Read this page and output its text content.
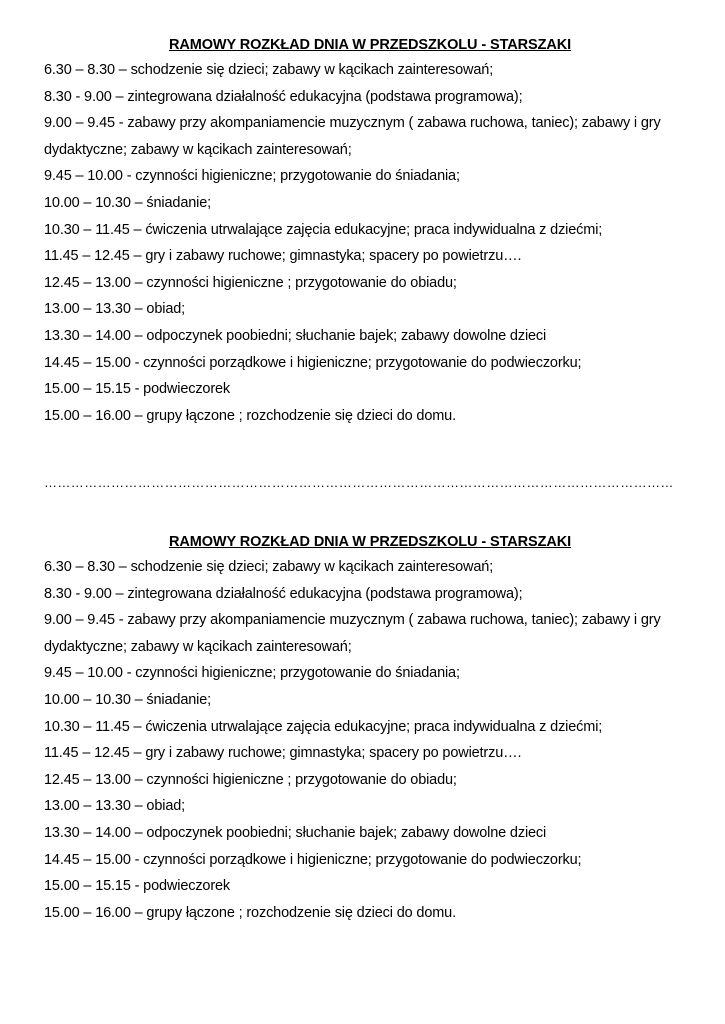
RAMOWY ROZKŁAD DNIA W PRZEDSZKOLU - STARSZAKI
6.30 – 8.30 – schodzenie się dzieci; zabawy w kącikach zainteresowań;
8.30 - 9.00 – zintegrowana działalność edukacyjna (podstawa programowa);
9.00 – 9.45 - zabawy przy akompaniamencie muzycznym ( zabawa ruchowa, taniec); zabawy i gry
dydaktyczne; zabawy w kącikach zainteresowań;
9.45 – 10.00 - czynności higieniczne; przygotowanie do śniadania;
10.00 – 10.30 – śniadanie;
10.30 – 11.45 – ćwiczenia utrwalające zajęcia edukacyjne; praca indywidualna z dziećmi;
11.45 – 12.45 – gry i zabawy ruchowe; gimnastyka; spacery po powietrzu….
12.45 – 13.00 – czynności higieniczne ; przygotowanie do obiadu;
13.00 – 13.30 – obiad;
13.30 – 14.00 – odpoczynek poobiedni; słuchanie bajek; zabawy dowolne dzieci
14.45 – 15.00 - czynności porządkowe i higieniczne; przygotowanie do podwieczorku;
15.00 – 15.15 - podwieczorek
15.00 – 16.00 – grupy łączone ; rozchodzenie się dzieci do domu.
……………………………………………………………………………………………………………………………
RAMOWY ROZKŁAD DNIA W PRZEDSZKOLU - STARSZAKI
6.30 – 8.30 – schodzenie się dzieci; zabawy w kącikach zainteresowań;
8.30 - 9.00 – zintegrowana działalność edukacyjna (podstawa programowa);
9.00 – 9.45 - zabawy przy akompaniamencie muzycznym ( zabawa ruchowa, taniec); zabawy i gry
dydaktyczne; zabawy w kącikach zainteresowań;
9.45 – 10.00 - czynności higieniczne; przygotowanie do śniadania;
10.00 – 10.30 – śniadanie;
10.30 – 11.45 – ćwiczenia utrwalające zajęcia edukacyjne; praca indywidualna z dziećmi;
11.45 – 12.45 – gry i zabawy ruchowe; gimnastyka; spacery po powietrzu….
12.45 – 13.00 – czynności higieniczne ; przygotowanie do obiadu;
13.00 – 13.30 – obiad;
13.30 – 14.00 – odpoczynek poobiedni; słuchanie bajek; zabawy dowolne dzieci
14.45 – 15.00 - czynności porządkowe i higieniczne; przygotowanie do podwieczorku;
15.00 – 15.15 - podwieczorek
15.00 – 16.00 – grupy łączone ; rozchodzenie się dzieci do domu.
